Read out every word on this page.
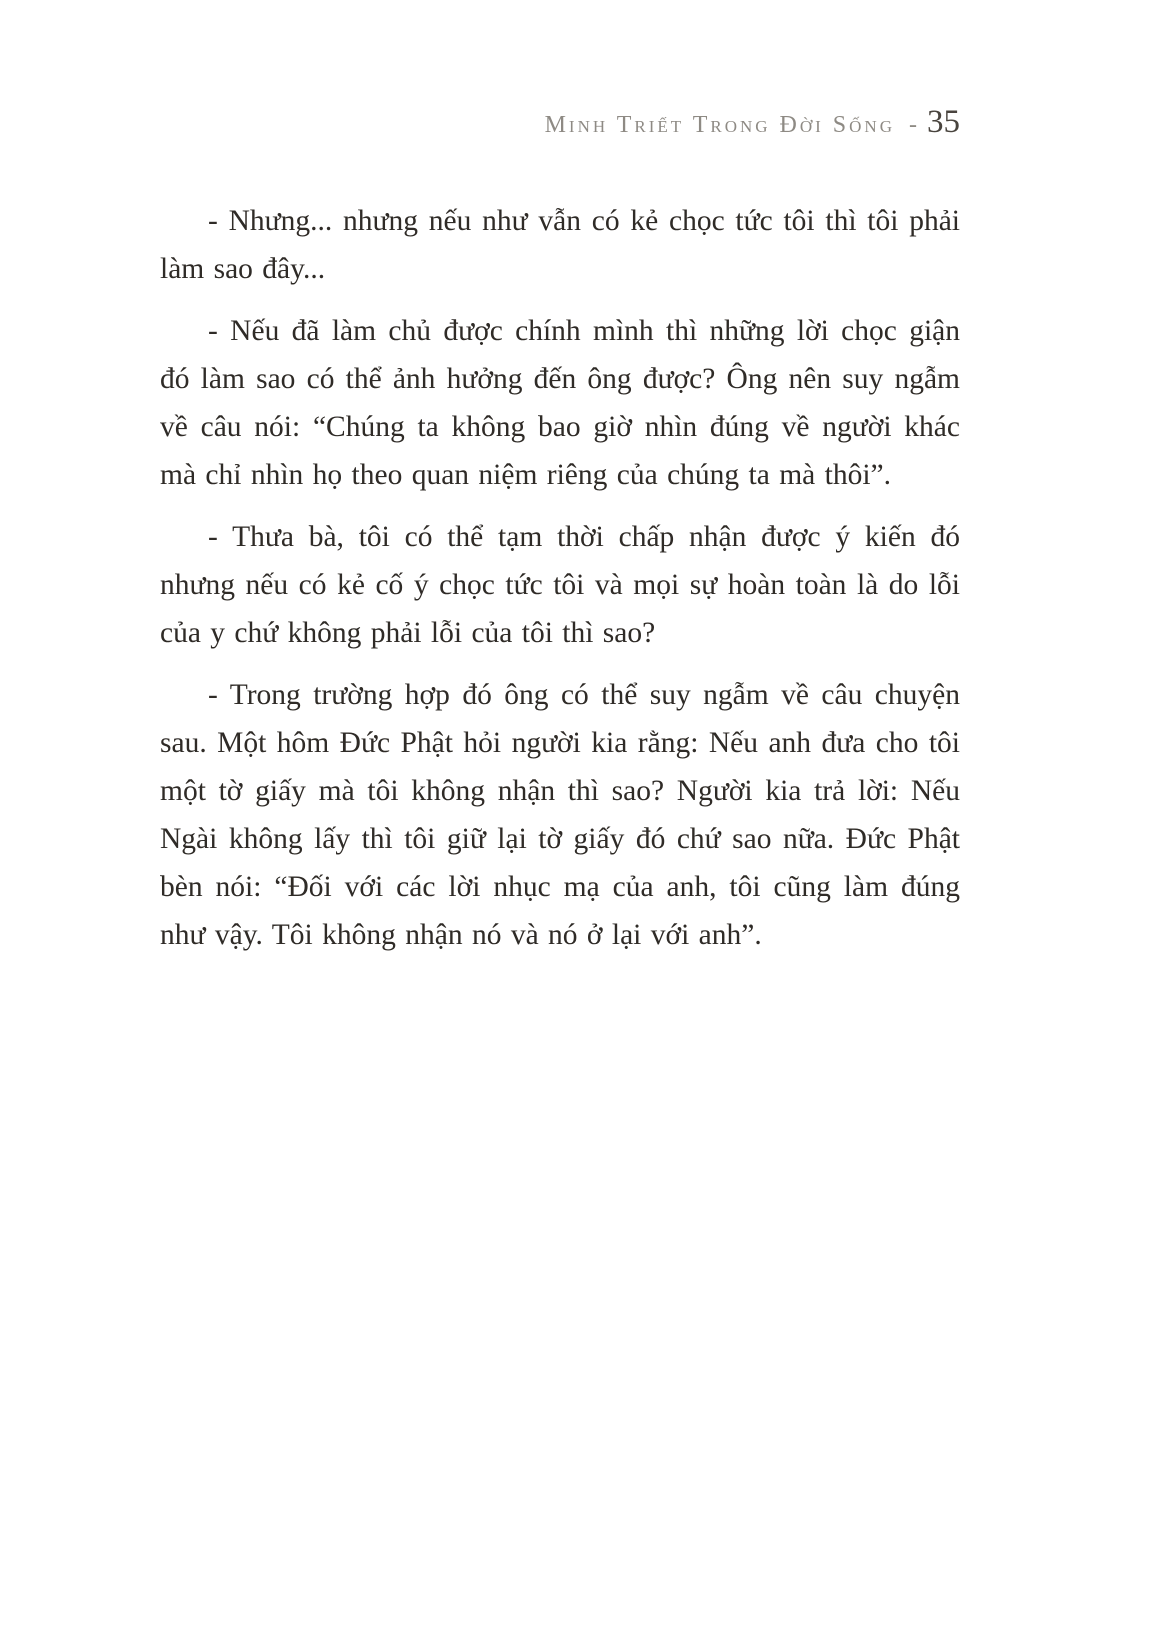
Minh Triết Trong Đời Sống - 35

- Nhưng... nhưng nếu như vẫn có kẻ chọc tức tôi thì tôi phải làm sao đây...

- Nếu đã làm chủ được chính mình thì những lời chọc giận đó làm sao có thể ảnh hưởng đến ông được? Ông nên suy ngẫm về câu nói: “Chúng ta không bao giờ nhìn đúng về người khác mà chỉ nhìn họ theo quan niệm riêng của chúng ta mà thôi”.

- Thưa bà, tôi có thể tạm thời chấp nhận được ý kiến đó nhưng nếu có kẻ cố ý chọc tức tôi và mọi sự hoàn toàn là do lỗi của y chứ không phải lỗi của tôi thì sao?

- Trong trường hợp đó ông có thể suy ngẫm về câu chuyện sau. Một hôm Đức Phật hỏi người kia rằng: Nếu anh đưa cho tôi một tờ giấy mà tôi không nhận thì sao? Người kia trả lời: Nếu Ngài không lấy thì tôi giữ lại tờ giấy đó chứ sao nữa. Đức Phật bèn nói: “Đối với các lời nhục mạ của anh, tôi cũng làm đúng như vậy. Tôi không nhận nó và nó ở lại với anh”.
